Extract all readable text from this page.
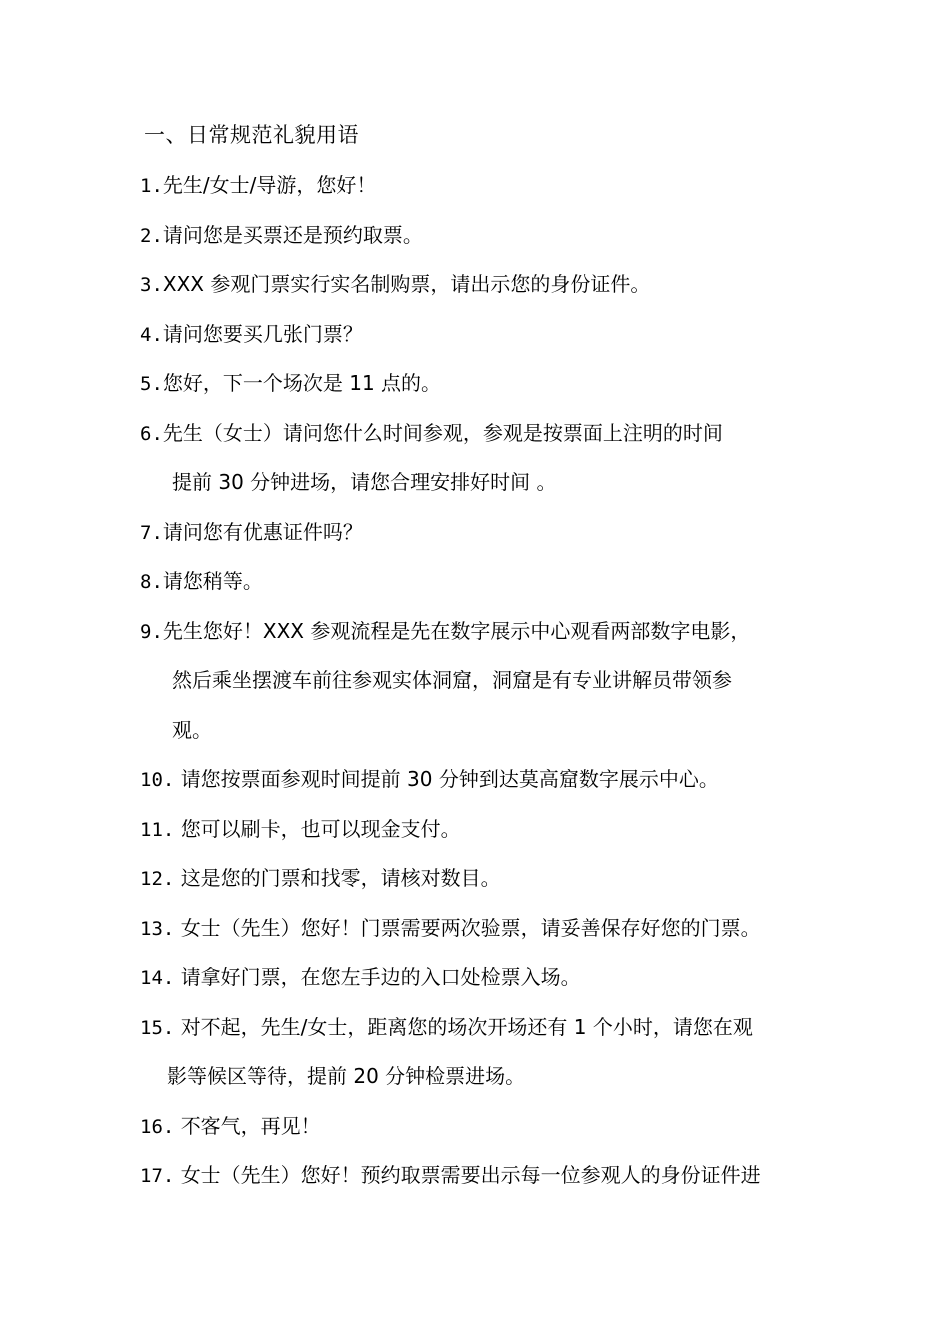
一、日常规范礼貌用语
1.先生/女士/导游，您好！
2.请问您是买票还是预约取票。
3.XXX 参观门票实行实名制购票，请出示您的身份证件。
4.请问您要买几张门票？
5.您好，下一个场次是 11 点的。
6.先生（女士）请问您什么时间参观，参观是按票面上注明的时间
提前 30 分钟进场，请您合理安排好时间 。
7.请问您有优惠证件吗？
8.请您稍等。
9.先生您好！XXX 参观流程是先在数字展示中心观看两部数字电影，
然后乘坐摆渡车前往参观实体洞窟，洞窟是有专业讲解员带领参
观。
10. 请您按票面参观时间提前 30 分钟到达莫高窟数字展示中心。
11. 您可以刷卡，也可以现金支付。
12. 这是您的门票和找零，请核对数目。
13. 女士（先生）您好！门票需要两次验票，请妥善保存好您的门票。
14. 请拿好门票，在您左手边的入口处检票入场。
15. 对不起，先生/女士，距离您的场次开场还有 1 个小时，请您在观
影等候区等待，提前 20 分钟检票进场。
16. 不客气，再见！
17. 女士（先生）您好！预约取票需要出示每一位参观人的身份证件进
